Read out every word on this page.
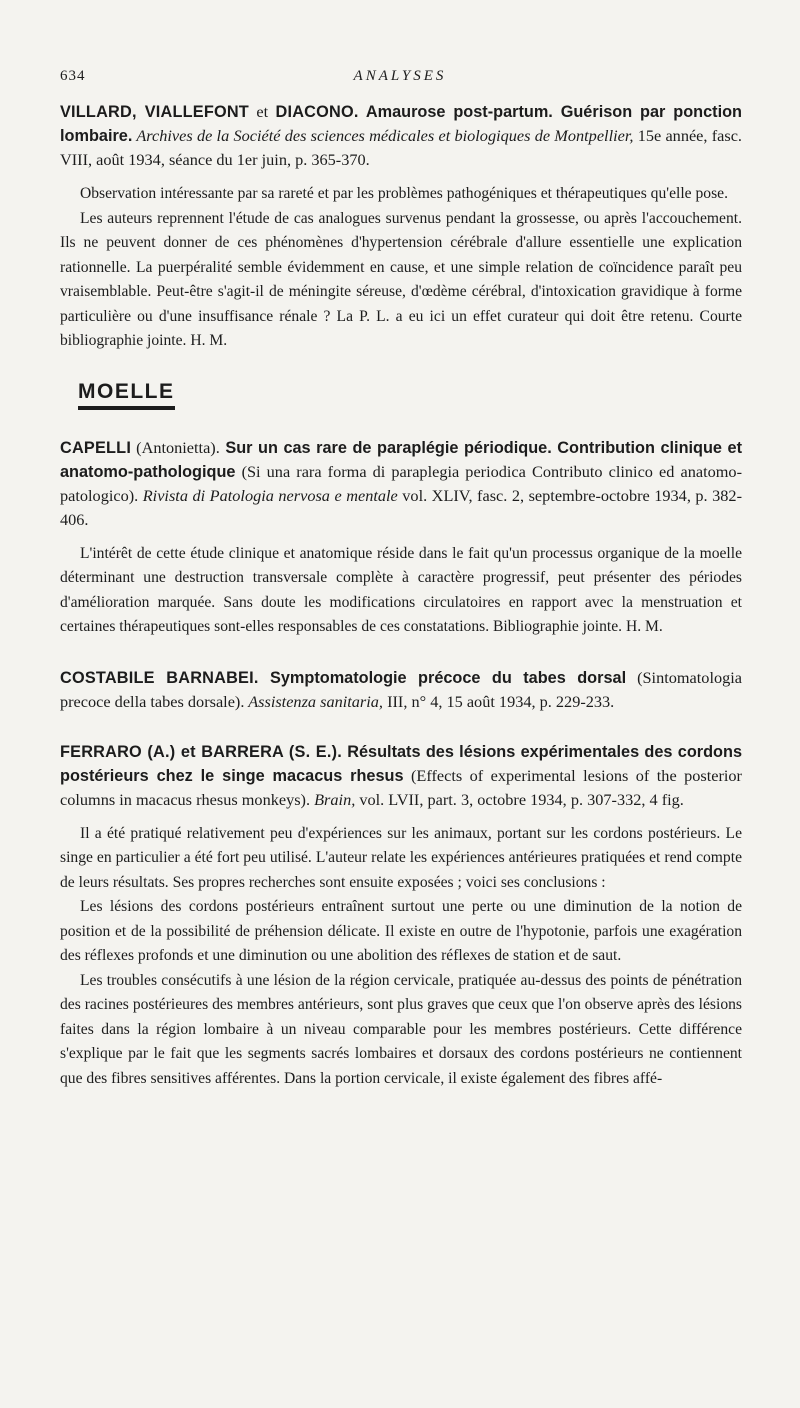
634	ANALYSES

VILLARD, VIALLEFONT et DIACONO. Amaurose post-partum. Guérison par ponction lombaire. Archives de la Société des sciences médicales et biologiques de Montpellier, 15e année, fasc. VIII, août 1934, séance du 1er juin, p. 365-370.

Observation intéressante par sa rareté et par les problèmes pathogéniques et thérapeutiques qu'elle pose.

Les auteurs reprennent l'étude de cas analogues survenus pendant la grossesse, ou après l'accouchement. Ils ne peuvent donner de ces phénomènes d'hypertension cérébrale d'allure essentielle une explication rationnelle. La puerpéralité semble évidemment en cause, et une simple relation de coïncidence paraît peu vraisemblable. Peut-être s'agit-il de méningite séreuse, d'œdème cérébral, d'intoxication gravidique à forme particulière ou d'une insuffisance rénale ? La P. L. a eu ici un effet curateur qui doit être retenu. Courte bibliographie jointe. H. M.

MOELLE

CAPELLI (Antonietta). Sur un cas rare de paraplégie périodique. Contribution clinique et anatomo-pathologique (Si una rara forma di paraplegia periodica Contributo clinico ed anatomo-patologico). Rivista di Patologia nervosa e mentale vol. XLIV, fasc. 2, septembre-octobre 1934, p. 382-406.

L'intérêt de cette étude clinique et anatomique réside dans le fait qu'un processus organique de la moelle déterminant une destruction transversale complète à caractère progressif, peut présenter des périodes d'amélioration marquée. Sans doute les modifications circulatoires en rapport avec la menstruation et certaines thérapeutiques sont-elles responsables de ces constatations. Bibliographie jointe. H. M.

COSTABILE BARNABEI. Symptomatologie précoce du tabes dorsal (Sintomatologia precoce della tabes dorsale). Assistenza sanitaria, III, n° 4, 15 août 1934, p. 229-233.

FERRARO (A.) et BARRERA (S. E.). Résultats des lésions expérimentales des cordons postérieurs chez le singe macacus rhesus (Effects of experimental lesions of the posterior columns in macacus rhesus monkeys). Brain, vol. LVII, part. 3, octobre 1934, p. 307-332, 4 fig.

Il a été pratiqué relativement peu d'expériences sur les animaux, portant sur les cordons postérieurs. Le singe en particulier a été fort peu utilisé. L'auteur relate les expériences antérieures pratiquées et rend compte de leurs résultats. Ses propres recherches sont ensuite exposées ; voici ses conclusions :

Les lésions des cordons postérieurs entraînent surtout une perte ou une diminution de la notion de position et de la possibilité de préhension délicate. Il existe en outre de l'hypotonie, parfois une exagération des réflexes profonds et une diminution ou une abolition des réflexes de station et de saut.

Les troubles consécutifs à une lésion de la région cervicale, pratiquée au-dessus des points de pénétration des racines postérieures des membres antérieurs, sont plus graves que ceux que l'on observe après des lésions faites dans la région lombaire à un niveau comparable pour les membres postérieurs. Cette différence s'explique par le fait que les segments sacrés lombaires et dorsaux des cordons postérieurs ne contiennent que des fibres sensitives afférentes. Dans la portion cervicale, il existe également des fibres affé-
